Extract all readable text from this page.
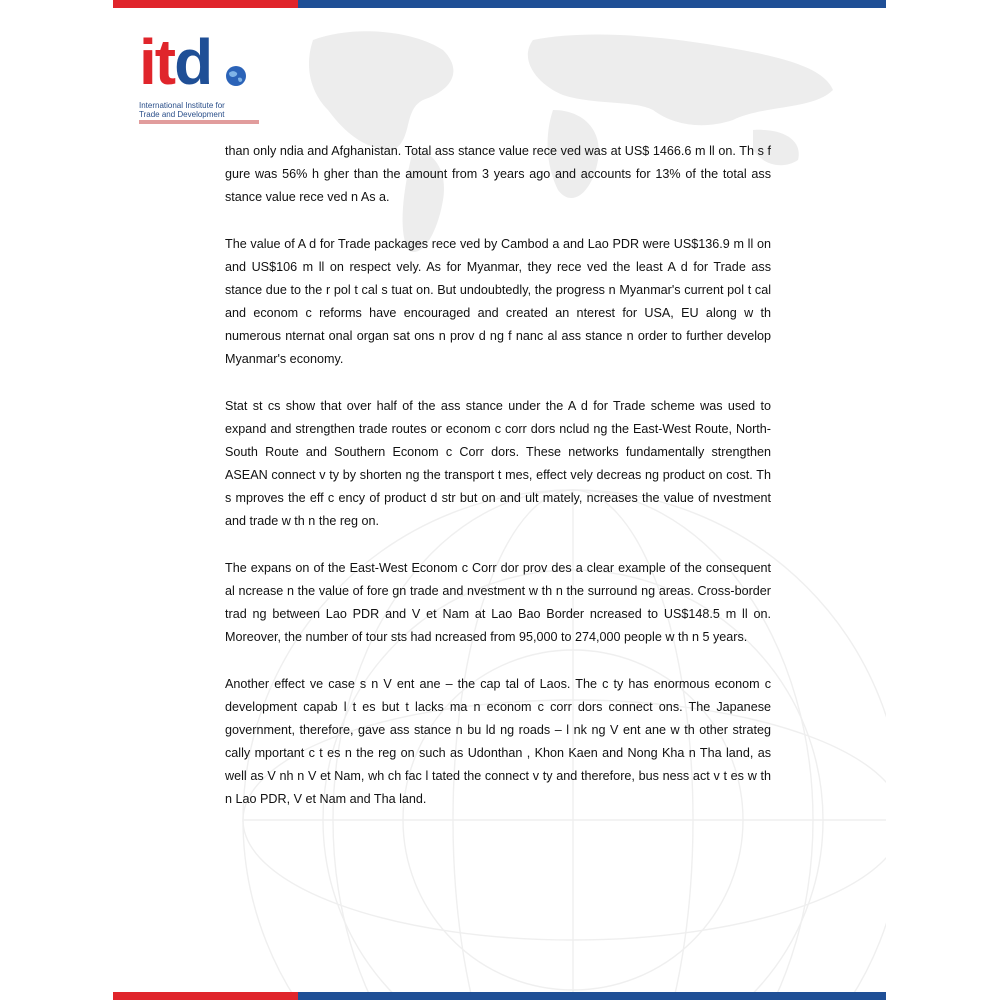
i t d
International Institute for
Trade and Development

than only ndia and Afghanistan. Total ass stance value rece ved was at US$ 1466.6 m ll on. Th s f gure was 56% h gher than the amount from 3 years ago and accounts for 13% of the total ass stance value rece ved n As a.

The value of A d for Trade packages rece ved by Cambod a and Lao PDR were US$136.9 m ll on and US$106 m ll on respect vely. As for Myanmar, they rece ved the least A d for Trade ass stance due to the r pol t cal s tuat on. But undoubtedly, the progress n Myanmar's current pol t cal and econom c reforms have encouraged and created an nterest for USA, EU along w th numerous nternat onal organ sat ons n prov d ng f nanc al ass stance n order to further develop Myanmar's economy.

Stat st cs show that over half of the ass stance under the A d for Trade scheme was used to expand and strengthen trade routes or econom c corr dors nclud ng the East-West Route, North-South Route and Southern Econom c Corr dors. These networks fundamentally strengthen ASEAN connect v ty by shorten ng the transport t mes, effect vely decreas ng product on cost. Th s mproves the eff c ency of product d str but on and ult mately, ncreases the value of nvestment and trade w th n the reg on.

The expans on of the East-West Econom c Corr dor prov des a clear example of the consequent al ncrease n the value of fore gn trade and nvestment w th n the surround ng areas. Cross-border trad ng between Lao PDR and V et Nam at Lao Bao Border ncreased to US$148.5 m ll on. Moreover, the number of tour sts had ncreased from 95,000 to 274,000 people w th n 5 years.

Another effect ve case s n V ent ane – the cap tal of Laos. The c ty has enormous econom c development capab l t es but t lacks ma n econom c corr dors connect ons. The Japanese government, therefore, gave ass stance n bu ld ng roads – l nk ng V ent ane w th other strateg cally mportant c t es n the reg on such as Udonthan , Khon Kaen and Nong Kha n Tha land, as well as V nh n V et Nam, wh ch fac l tated the connect v ty and therefore, bus ness act v t es w th n Lao PDR, V et Nam and Tha land.
